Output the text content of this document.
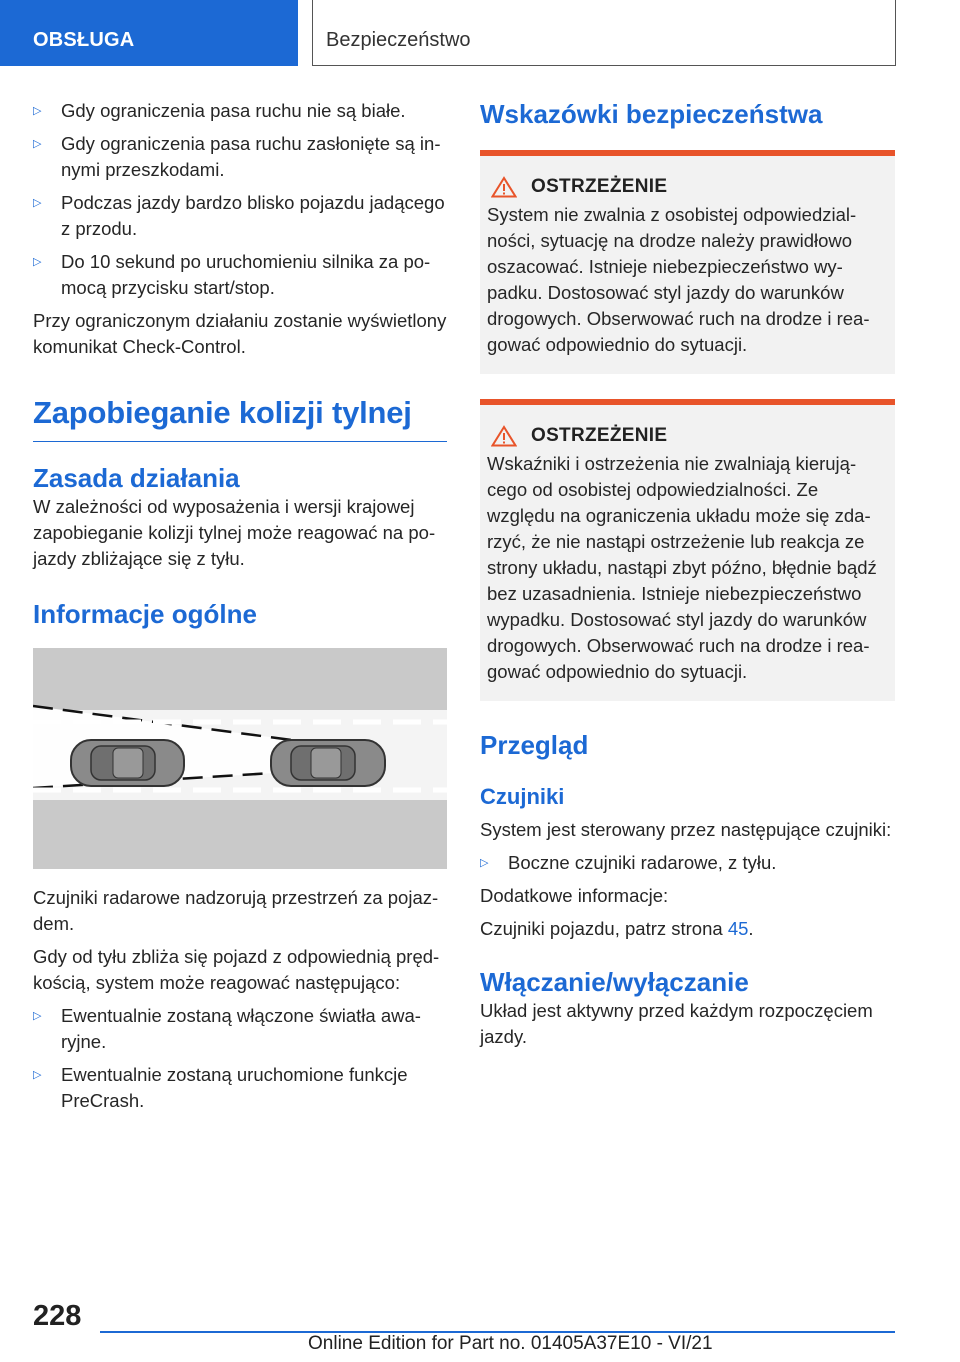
OBSŁUGA	Bezpieczeństwo
▷ Gdy ograniczenia pasa ruchu nie są białe.
▷ Gdy ograniczenia pasa ruchu zasłonięte są innymi przeszkodami.
▷ Podczas jazdy bardzo blisko pojazdu jadącego z przodu.
▷ Do 10 sekund po uruchomieniu silnika za pomocą przycisku start/stop.

Przy ograniczonym działaniu zostanie wyświetlony komunikat Check-Control.

Zapobieganie kolizji tylnej
Zasada działania

W zależności od wyposażenia i wersji krajowej zapobieganie kolizji tylnej może reagować na pojazdy zbliżające się z tyłu.

Informacje ogólne

Czujniki radarowe nadzorują przestrzeń za pojazdem.

Gdy od tyłu zbliża się pojazd z odpowiednią prędkością, system może reagować następująco:

▷ Ewentualnie zostaną włączone światła awaryjne.
▷ Ewentualnie zostaną uruchomione funkcje PreCrash.
Wskazówki bezpieczeństwa
OSTRZEŻENIE

System nie zwalnia z osobistej odpowiedzialności, sytuację na drodze należy prawidłowo oszacować. Istnieje niebezpieczeństwo wypadku. Dostosować styl jazdy do warunków drogowych. Obserwować ruch na drodze i reagować odpowiednio do sytuacji.

OSTRZEŻENIE

Wskaźniki i ostrzeżenia nie zwalniają kierującego od osobistej odpowiedzialności. Ze względu na ograniczenia układu może się zdarzyć, że nie nastąpi ostrzeżenie lub reakcja ze strony układu, nastąpi zbyt późno, błędnie bądź bez uzasadnienia. Istnieje niebezpieczeństwo wypadku. Dostosować styl jazdy do warunków drogowych. Obserwować ruch na drodze i reagować odpowiednio do sytuacji.

Przegląd
Czujniki

System jest sterowany przez następujące czujniki:

▷ Boczne czujniki radarowe, z tyłu.

Dodatkowe informacje:

Czujniki pojazdu, patrz strona 45.

Włączanie/wyłączanie

Układ jest aktywny przed każdym rozpoczęciem jazdy.

228
Online Edition for Part no. 01405A37E10 - VI/21
